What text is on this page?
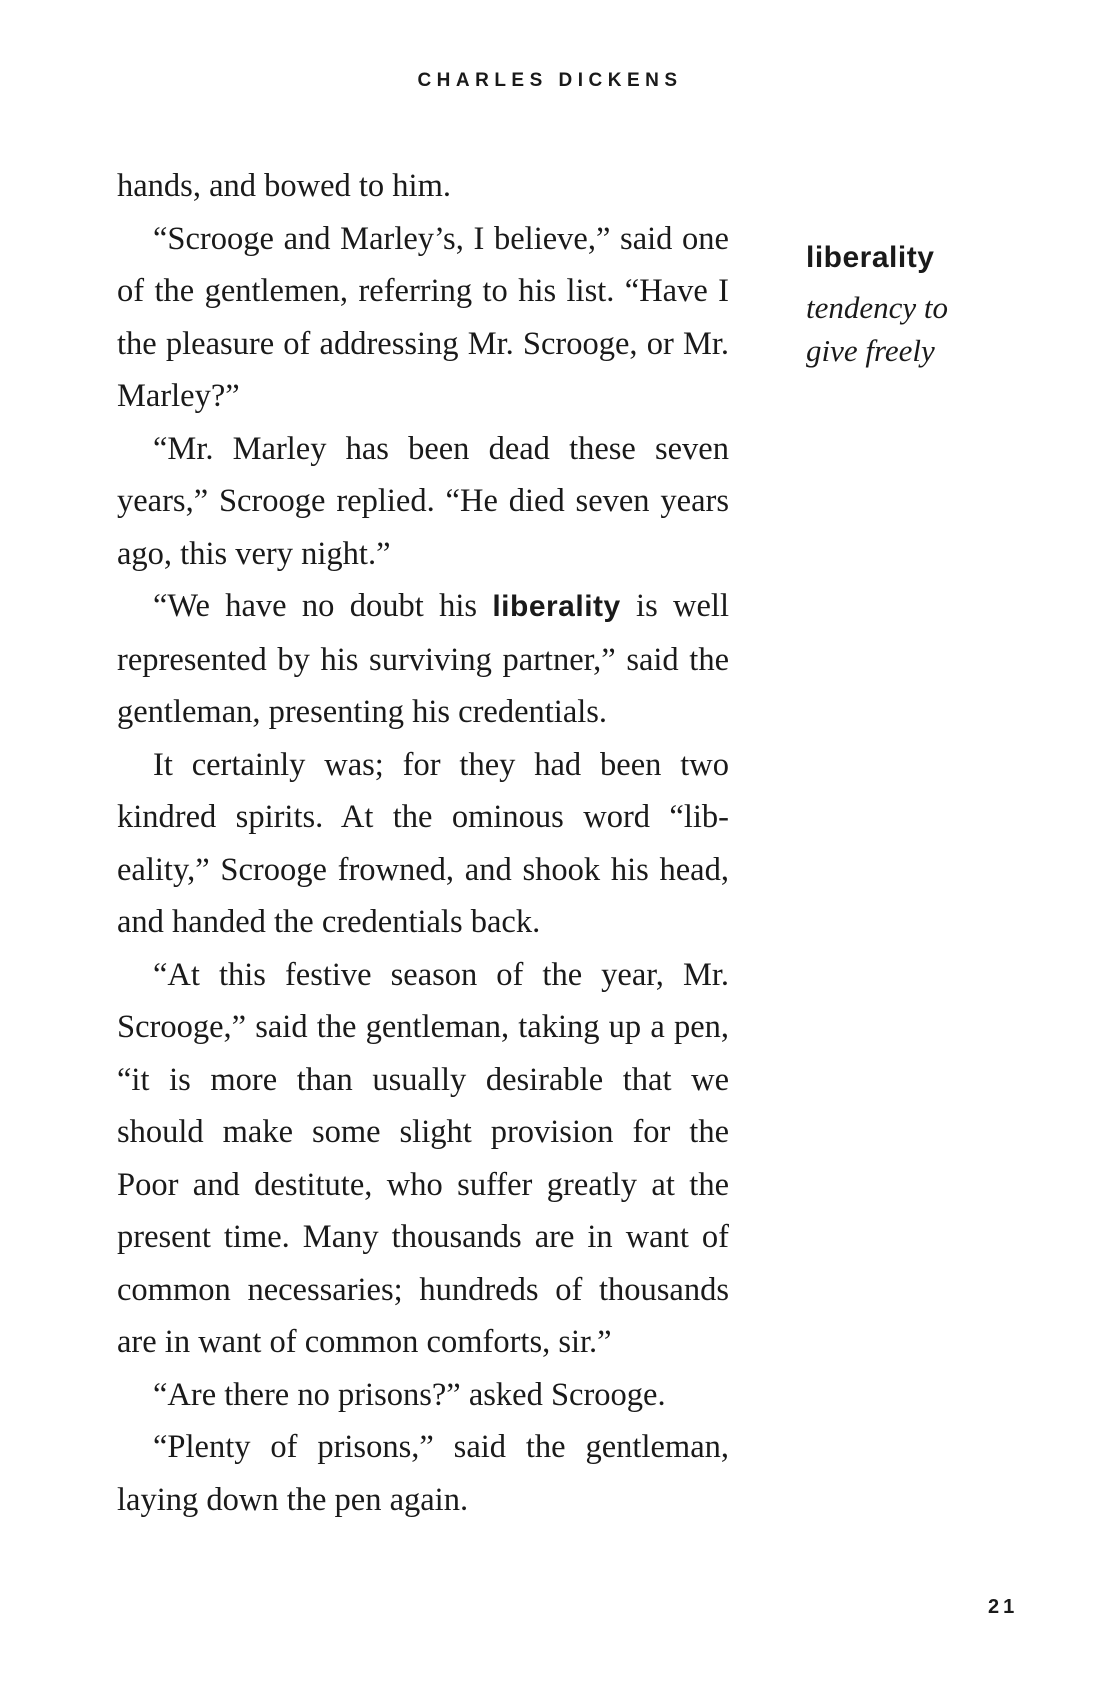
CHARLES DICKENS

hands, and bowed to him.

“Scrooge and Marley’s, I believe,” said one of the gentlemen, referring to his list. “Have I the pleasure of addressing Mr. Scrooge, or Mr. Marley?”

“Mr. Marley has been dead these seven years,” Scrooge replied. “He died seven years ago, this very night.”

“We have no doubt his liberality is well represented by his surviving partner,” said the gentleman, presenting his credentials.

It certainly was; for they had been two kindred spirits. At the ominous word “libeality,” Scrooge frowned, and shook his head, and handed the credentials back.

“At this festive season of the year, Mr. Scrooge,” said the gentleman, taking up a pen, “it is more than usually desirable that we should make some slight provision for the Poor and destitute, who suffer greatly at the present time. Many thousands are in want of common necessaries; hundreds of thousands are in want of common comforts, sir.”

“Are there no prisons?” asked Scrooge.

“Plenty of prisons,” said the gentleman, laying down the pen again.

liberality
tendency to give freely
21
